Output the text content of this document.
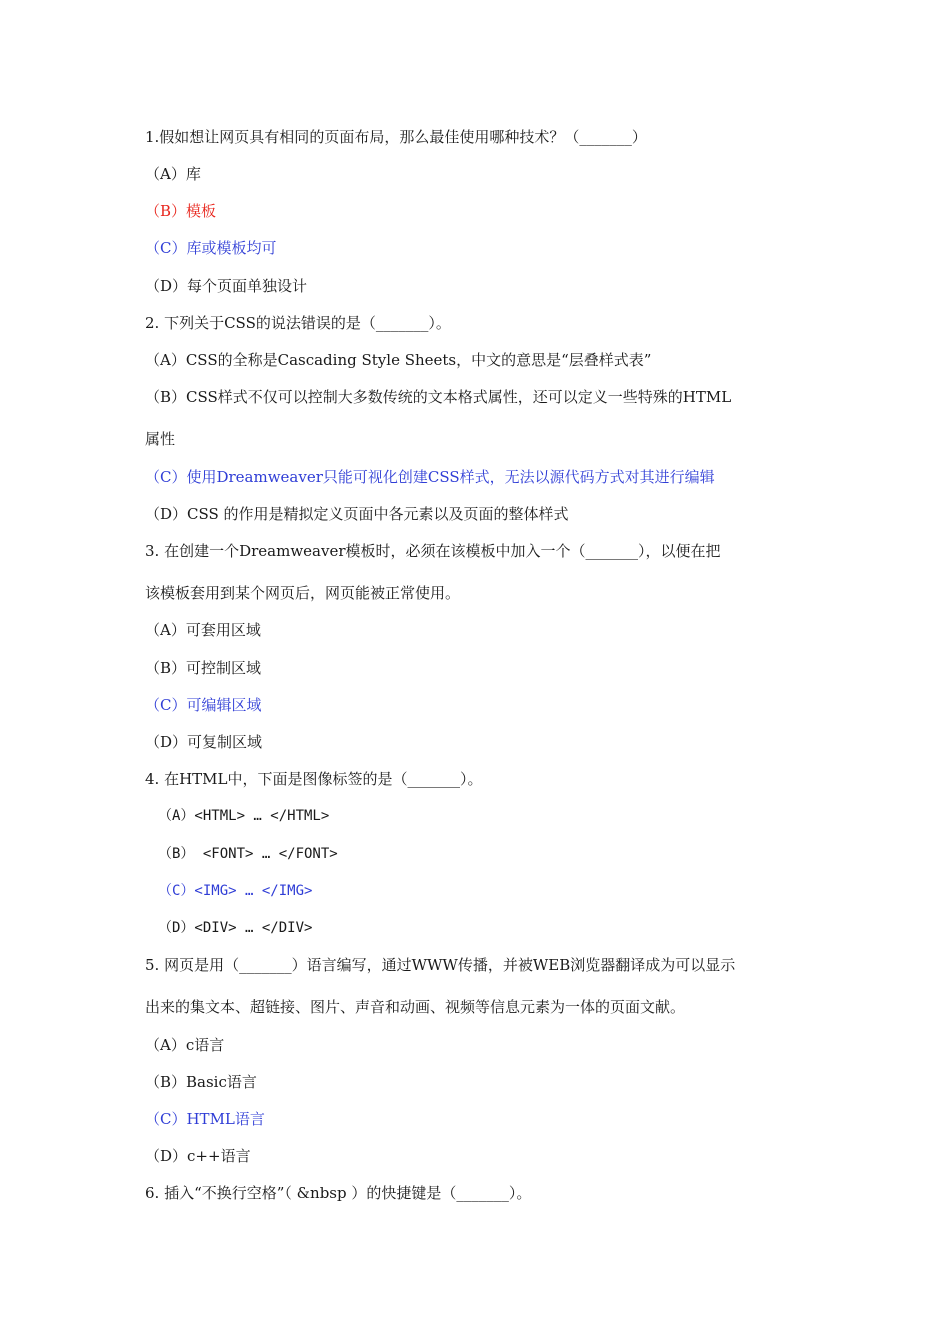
1.假如想让网页具有相同的页面布局，那么最佳使用哪种技术？（_______）
（A）库
（B）模板
（C）库或模板均可
（D）每个页面单独设计
2. 下列关于CSS的说法错误的是（_______）。
（A）CSS的全称是Cascading Style Sheets，中文的意思是“层叠样式表”
（B）CSS样式不仅可以控制大多数传统的文本格式属性，还可以定义一些特殊的HTML
属性
（C）使用Dreamweaver只能可视化创建CSS样式，无法以源代码方式对其进行编辑
（D）CSS 的作用是精拟定义页面中各元素以及页面的整体样式
3. 在创建一个Dreamweaver模板时，必须在该模板中加入一个（_______），以便在把
该模板套用到某个网页后，网页能被正常使用。
（A）可套用区域
（B）可控制区域
（C）可编辑区域
（D）可复制区域
4. 在HTML中，下面是图像标签的是（_______）。
（A）<HTML> … </HTML>
（B） <FONT> … </FONT>
（C）<IMG> … </IMG>
（D）<DIV> … </DIV>
5. 网页是用（_______）语言编写，通过WWW传播，并被WEB浏览器翻译成为可以显示
出来的集文本、超链接、图片、声音和动画、视频等信息元素为一体的页面文献。
（A）c语言
（B）Basic语言
（C）HTML语言
（D）c++语言
6. 插入“不换行空格”（ &nbsp ）的快捷键是（_______）。
